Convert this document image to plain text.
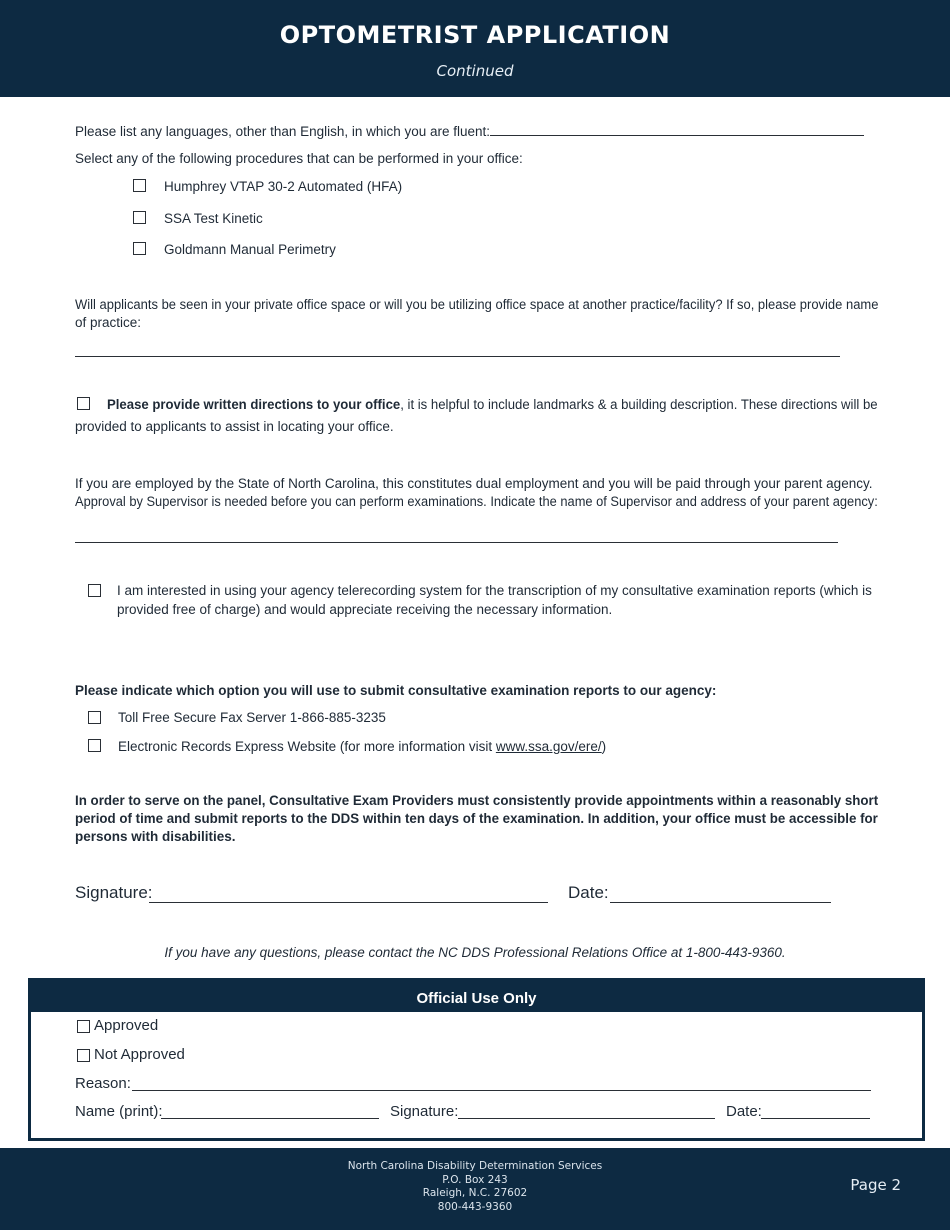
OPTOMETRIST APPLICATION
Continued
Please list any languages, other than English, in which you are fluent:
Select any of the following procedures that can be performed in your office:
Humphrey VTAP 30-2 Automated (HFA)
SSA Test Kinetic
Goldmann Manual Perimetry
Will applicants be seen in your private office space or will you be utilizing office space at another practice/facility? If so, please provide name
of practice:
Please provide written directions to your office, it is helpful to include landmarks & a building description. These directions will be
provided to applicants to assist in locating your office.
If you are employed by the State of North Carolina, this constitutes dual employment and you will be paid through your parent agency.
Approval by Supervisor is needed before you can perform examinations. Indicate the name of Supervisor and address of your parent agency:
I am interested in using your agency telerecording system for the transcription of my consultative examination reports (which is
provided free of charge) and would appreciate receiving the necessary information.
Please indicate which option you will use to submit consultative examination reports to our agency:
Toll Free Secure Fax Server 1-866-885-3235
Electronic Records Express Website (for more information visit www.ssa.gov/ere/)
In order to serve on the panel, Consultative Exam Providers must consistently provide appointments within a reasonably short
period of time and submit reports to the DDS within ten days of the examination. In addition, your office must be accessible for
persons with disabilities.
Signature:	Date:
If you have any questions, please contact the NC DDS Professional Relations Office at 1-800-443-9360.
Official Use Only
Approved
Not Approved
Reason:
Name (print):	Signature:	Date:
North Carolina Disability Determination Services
P.O. Box 243
Raleigh, N.C. 27602
800-443-9360
Page 2
